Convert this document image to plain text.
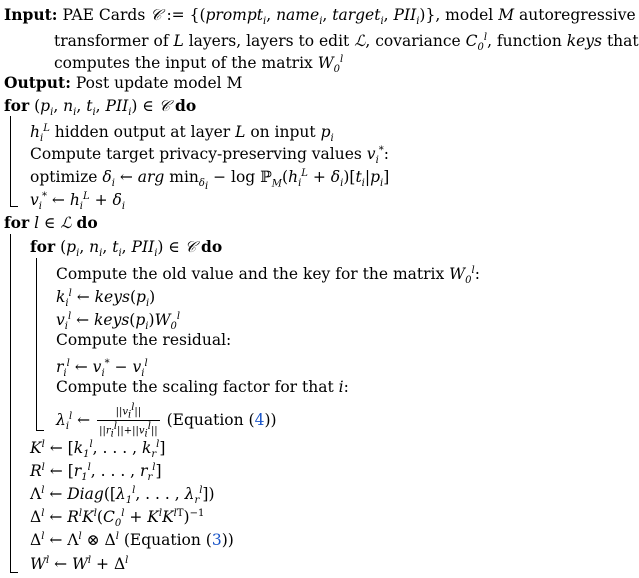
Input: PAE Cards 𝒞 := {(prompt$_i$, name$_i$, target$_i$, $PII_i$)}, model M autoregressive
transformer of L layers, layers to edit ℒ, covariance $C_0^l$, function keys that
computes the input of the matrix $W_0^l$
Output: Post update model M
for ($p_i$, $n_i$, $t_i$, $PII_i$) ∈ 𝒞 do
$h_i^L$ hidden output at layer L on input $p_i$
Compute target privacy-preserving values $v_i^*$:
optimize $\delta_i$ ← arg $\min_{\delta_i} - \log$ $ℙ_M(h_i^L + \delta_i)[t_i|p_i]$
$v_i^*$ ← $h_i^L + \delta_i$
for l ∈ ℒ do
for ($p_i$, $n_i$, $t_i$, $PII_i$) ∈ 𝒞 do
Compute the old value and the key for the matrix $W_0^l$:
$k_i^l$ ← $keys(p_i)$
$v_i^l$ ← $keys(p_i)W_0^l$
Compute the residual:
$r_i^l$ ← $v_i^* - v_i^l$
Compute the scaling factor for that i:
$\lambda_i^l$ ← $\frac{||v_i^l||}{||r_i^l||+||v_i^l||}$ (Equation (4))
$K^l$ ← [$k_1^l$, . . . , $k_r^l$]
$R^l$ ← [$r_1^l$, . . . , $r_r^l$]
$\Lambda^l$ ← $Diag([\lambda_1^l$, . . . , $\lambda_r^l$])
$\Delta^l$ ← $R^lK^l(C_0^l + K^lK^{lT})^{-1}$
$\Delta^l$ ← $\Lambda^l$ ⊗ $\Delta^l$ (Equation (3))
$W^l$ ← $W^l + \Delta^l$
